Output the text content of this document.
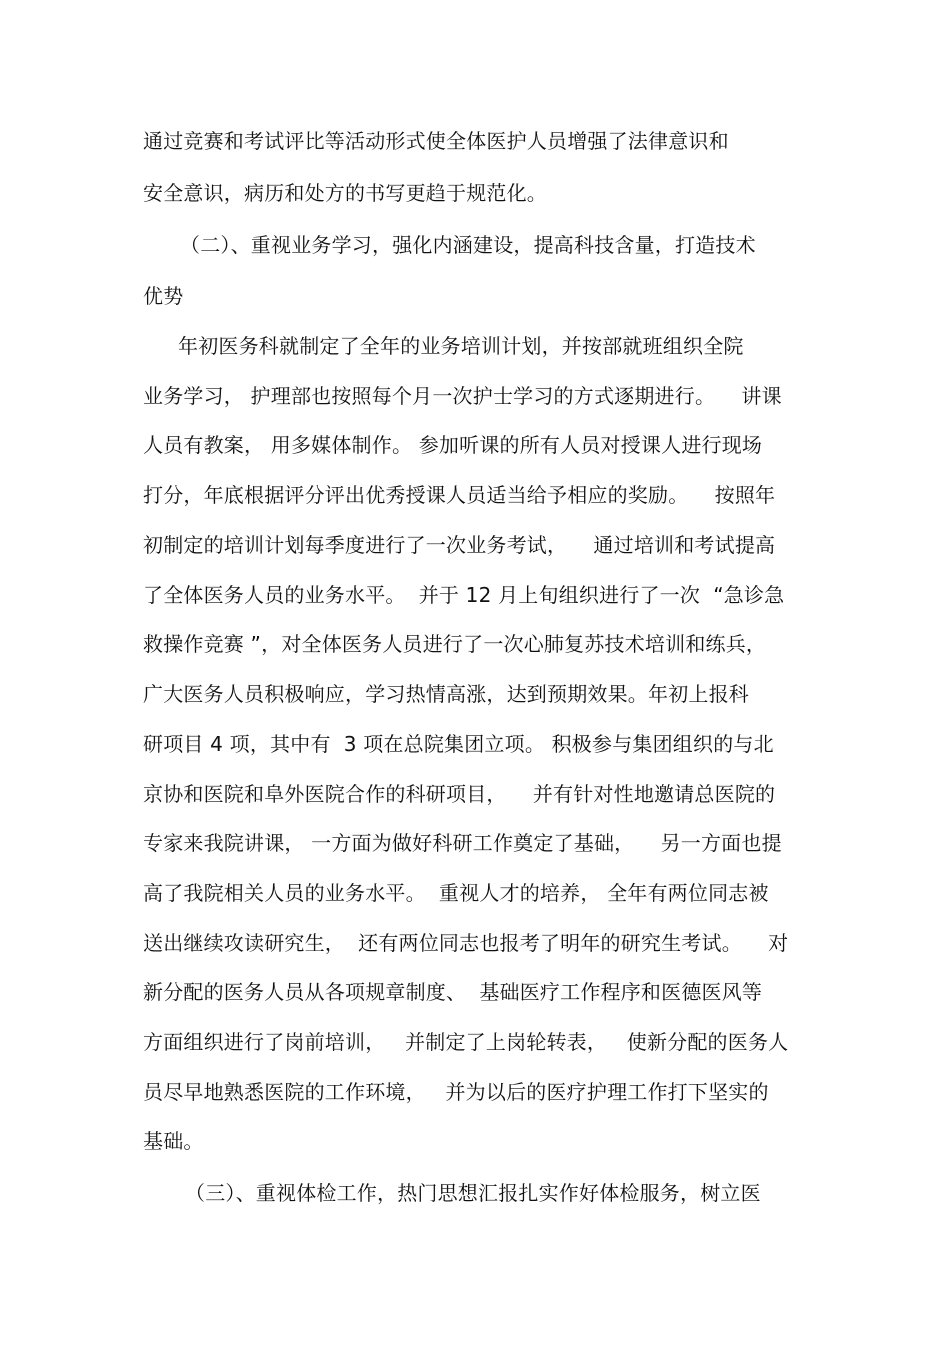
通过竞赛和考试评比等活动形式使全体医护人员增强了法律意识和
安全意识，病历和处方的书写更趋于规范化。
（二）、重视业务学习，强化内涵建设，提高科技含量，打造技术
优势
年初医务科就制定了全年的业务培训计划，并按部就班组织全院
业务学习， 护理部也按照每个月一次护士学习的方式逐期进行。    讲课
人员有教案， 用多媒体制作。 参加听课的所有人员对授课人进行现场
打分，年底根据评分评出优秀授课人员适当给予相应的奖励。    按照年
初制定的培训计划每季度进行了一次业务考试，    通过培训和考试提高
了全体医务人员的业务水平。  并于 12 月上旬组织进行了一次  “急诊急
救操作竞赛 ”，对全体医务人员进行了一次心肺复苏技术培训和练兵，
广大医务人员积极响应，学习热情高涨，达到预期效果。年初上报科
研项目 4 项，其中有  3 项在总院集团立项。 积极参与集团组织的与北
京协和医院和阜外医院合作的科研项目，    并有针对性地邀请总医院的
专家来我院讲课， 一方面为做好科研工作奠定了基础，    另一方面也提
高了我院相关人员的业务水平。  重视人才的培养， 全年有两位同志被
送出继续攻读研究生，  还有两位同志也报考了明年的研究生考试。    对
新分配的医务人员从各项规章制度、  基础医疗工作程序和医德医风等
方面组织进行了岗前培训，   并制定了上岗轮转表，   使新分配的医务人
员尽早地熟悉医院的工作环境，   并为以后的医疗护理工作打下坚实的
基础。
（三）、重视体检工作，热门思想汇报扎实作好体检服务，树立医
